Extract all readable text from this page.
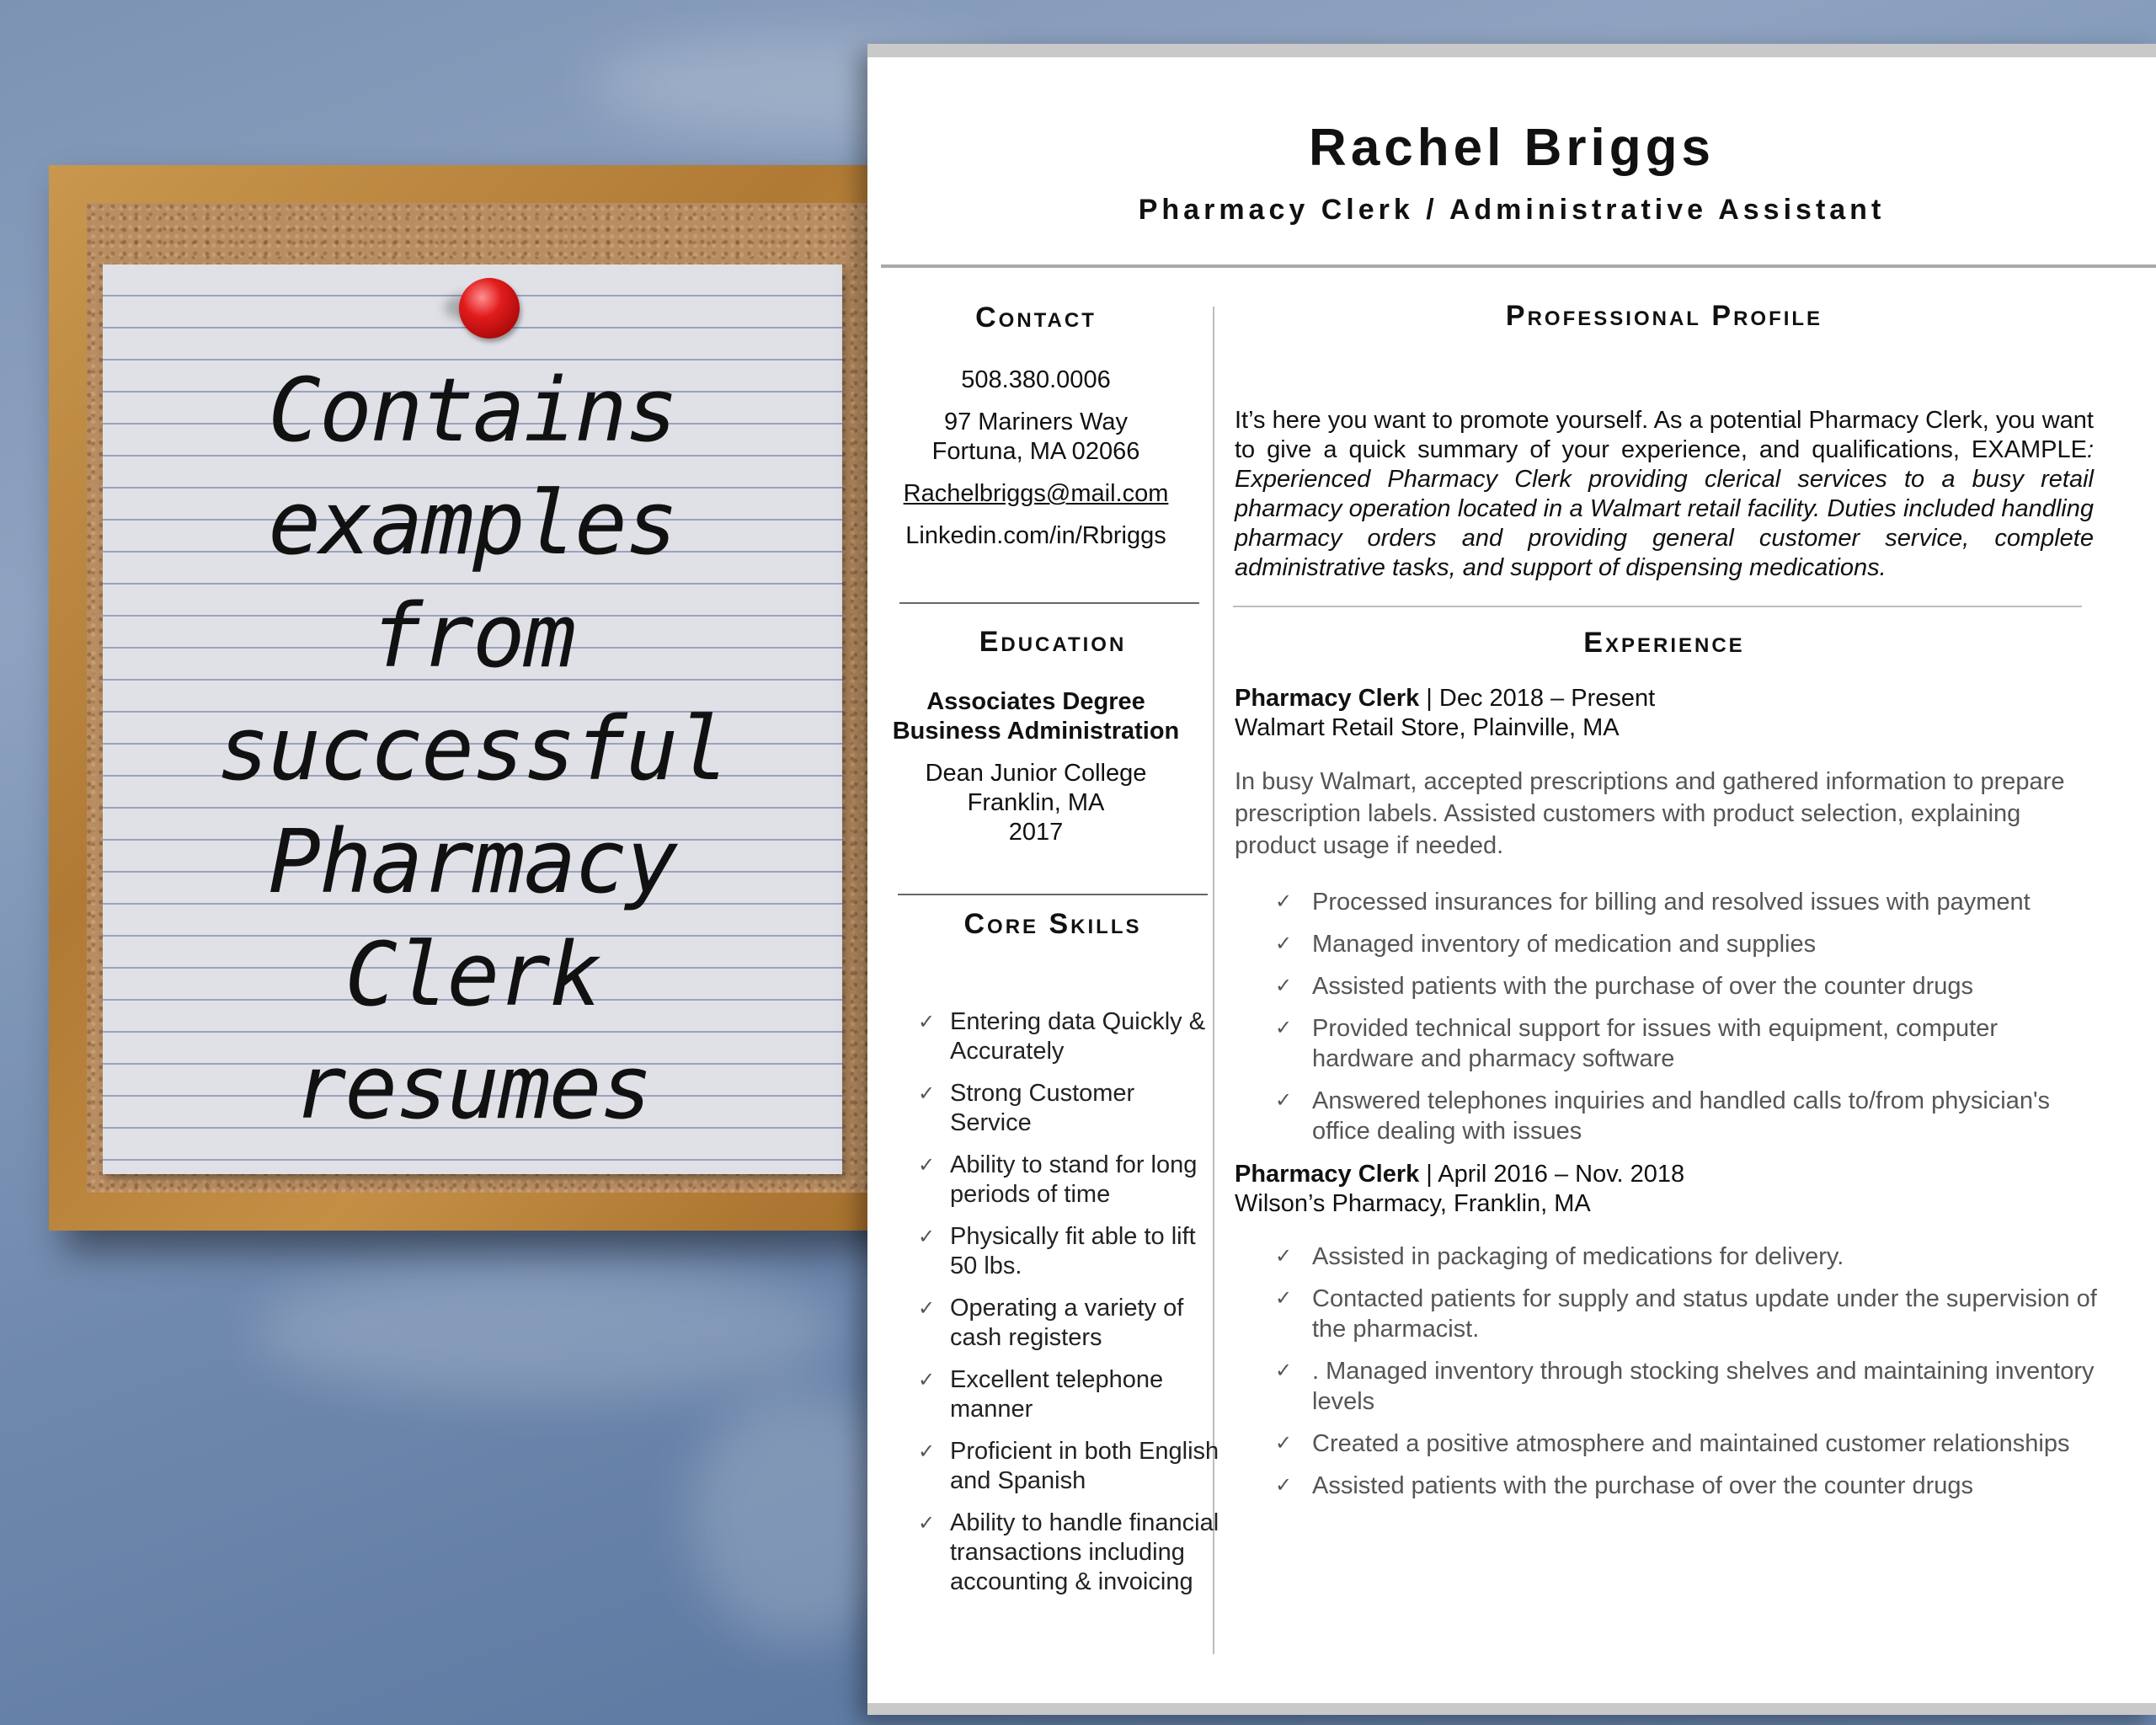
Contains
examples
from
successful
Pharmacy
Clerk
resumes
Rachel Briggs
Pharmacy Clerk / Administrative Assistant
Contact
508.380.0006
97 Mariners Way
Fortuna, MA 02066
Rachelbriggs@mail.com
Linkedin.com/in/Rbriggs
Education
Associates Degree
Business Administration
Dean Junior College
Franklin, MA
2017
Core Skills
✓ Entering data Quickly & Accurately
✓ Strong Customer Service
✓ Ability to stand for long periods of time
✓ Physically fit able to lift 50 lbs.
✓ Operating a variety of cash registers
✓ Excellent telephone manner
✓ Proficient in both English and Spanish
✓ Ability to handle financial transactions including accounting & invoicing
Professional Profile
It’s here you want to promote yourself. As a potential Pharmacy Clerk, you want to give a quick summary of your experience, and qualifications, EXAMPLE: Experienced Pharmacy Clerk providing clerical services to a busy retail pharmacy operation located in a Walmart retail facility. Duties included handling pharmacy orders and providing general customer service, complete administrative tasks, and support of dispensing medications.
Experience
Pharmacy Clerk | Dec 2018 – Present
Walmart Retail Store, Plainville, MA
In busy Walmart, accepted prescriptions and gathered information to prepare prescription labels. Assisted customers with product selection, explaining product usage if needed.
✓ Processed insurances for billing and resolved issues with payment
✓ Managed inventory of medication and supplies
✓ Assisted patients with the purchase of over the counter drugs
✓ Provided technical support for issues with equipment, computer hardware and pharmacy software
✓ Answered telephones inquiries and handled calls to/from physician's office dealing with issues
Pharmacy Clerk | April 2016 – Nov. 2018
Wilson’s Pharmacy, Franklin, MA
✓ Assisted in packaging of medications for delivery.
✓ Contacted patients for supply and status update under the supervision of the pharmacist.
✓ . Managed inventory through stocking shelves and maintaining inventory levels
✓ Created a positive atmosphere and maintained customer relationships
✓ Assisted patients with the purchase of over the counter drugs
